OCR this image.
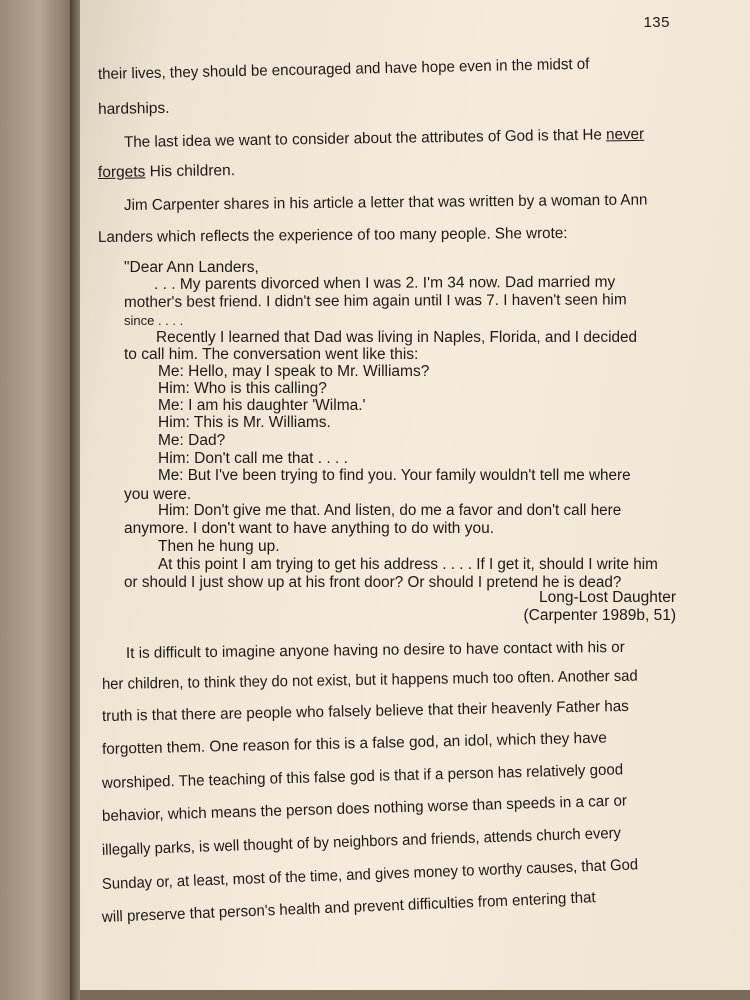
135
their lives, they should be encouraged and have hope even in the midst of
hardships.
The last idea we want to consider about the attributes of God is that He never
forgets His children.
Jim Carpenter shares in his article a letter that was written by a woman to Ann
Landers which reflects the experience of too many people. She wrote:
"Dear Ann Landers,
. . . My parents divorced when I was 2. I'm 34 now. Dad married my
mother's best friend. I didn't see him again until I was 7. I haven't seen him
since . . . .
Recently I learned that Dad was living in Naples, Florida, and I decided
to call him. The conversation went like this:
Me: Hello, may I speak to Mr. Williams?
Him: Who is this calling?
Me: I am his daughter 'Wilma.'
Him: This is Mr. Williams.
Me: Dad?
Him: Don't call me that . . . .
Me: But I've been trying to find you. Your family wouldn't tell me where
you were.
Him: Don't give me that. And listen, do me a favor and don't call here
anymore. I don't want to have anything to do with you.
Then he hung up.
At this point I am trying to get his address . . . . If I get it, should I write him
or should I just show up at his front door? Or should I pretend he is dead?
Long-Lost Daughter
(Carpenter 1989b, 51)
It is difficult to imagine anyone having no desire to have contact with his or
her children, to think they do not exist, but it happens much too often. Another sad
truth is that there are people who falsely believe that their heavenly Father has
forgotten them. One reason for this is a false god, an idol, which they have
worshiped. The teaching of this false god is that if a person has relatively good
behavior, which means the person does nothing worse than speeds in a car or
illegally parks, is well thought of by neighbors and friends, attends church every
Sunday or, at least, most of the time, and gives money to worthy causes, that God
will preserve that person's health and prevent difficulties from entering that
